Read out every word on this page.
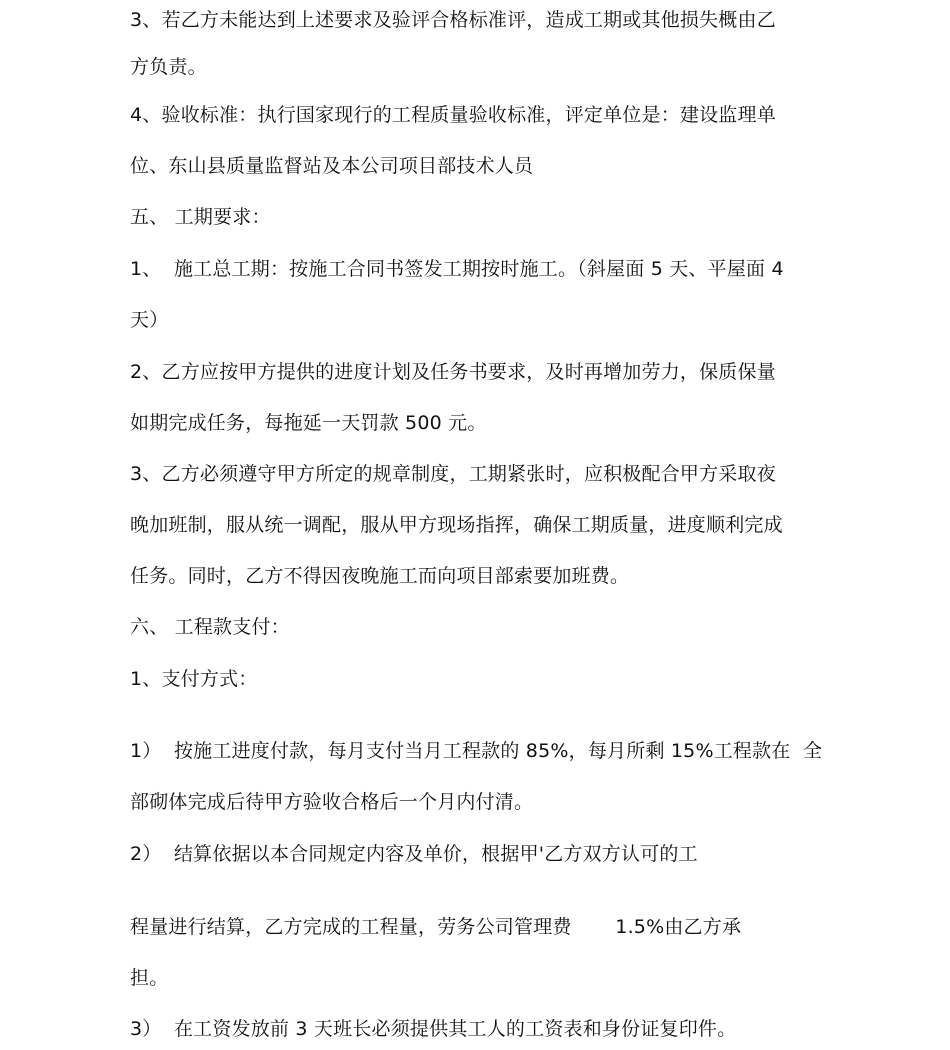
3、若乙方未能达到上述要求及验评合格标准评，造成工期或其他损失概由乙

方负责。

4、验收标准：执行国家现行的工程质量验收标准，评定单位是：建设监理单

位、东山县质量监督站及本公司项目部技术人员

五、 工期要求：

1、  施工总工期：按施工合同书签发工期按时施工。（斜屋面 5 天、平屋面 4

天）

2、乙方应按甲方提供的进度计划及任务书要求，及时再增加劳力，保质保量

如期完成任务，每拖延一天罚款 500 元。

3、乙方必须遵守甲方所定的规章制度，工期紧张时，应积极配合甲方采取夜

晚加班制，服从统一调配，服从甲方现场指挥，确保工期质量，进度顺利完成

任务。同时，乙方不得因夜晚施工而向项目部索要加班费。

六、 工程款支付：

1、支付方式：

1）  按施工进度付款，每月支付当月工程款的 85%，每月所剩 15%工程款在  全

部砌体完成后待甲方验收合格后一个月内付清。

2）  结算依据以本合同规定内容及单价，根据甲'乙方双方认可的工

程量进行结算，乙方完成的工程量，劳务公司管理费       1.5%由乙方承

担。

3）  在工资发放前 3 天班长必须提供其工人的工资表和身份证复印件。
